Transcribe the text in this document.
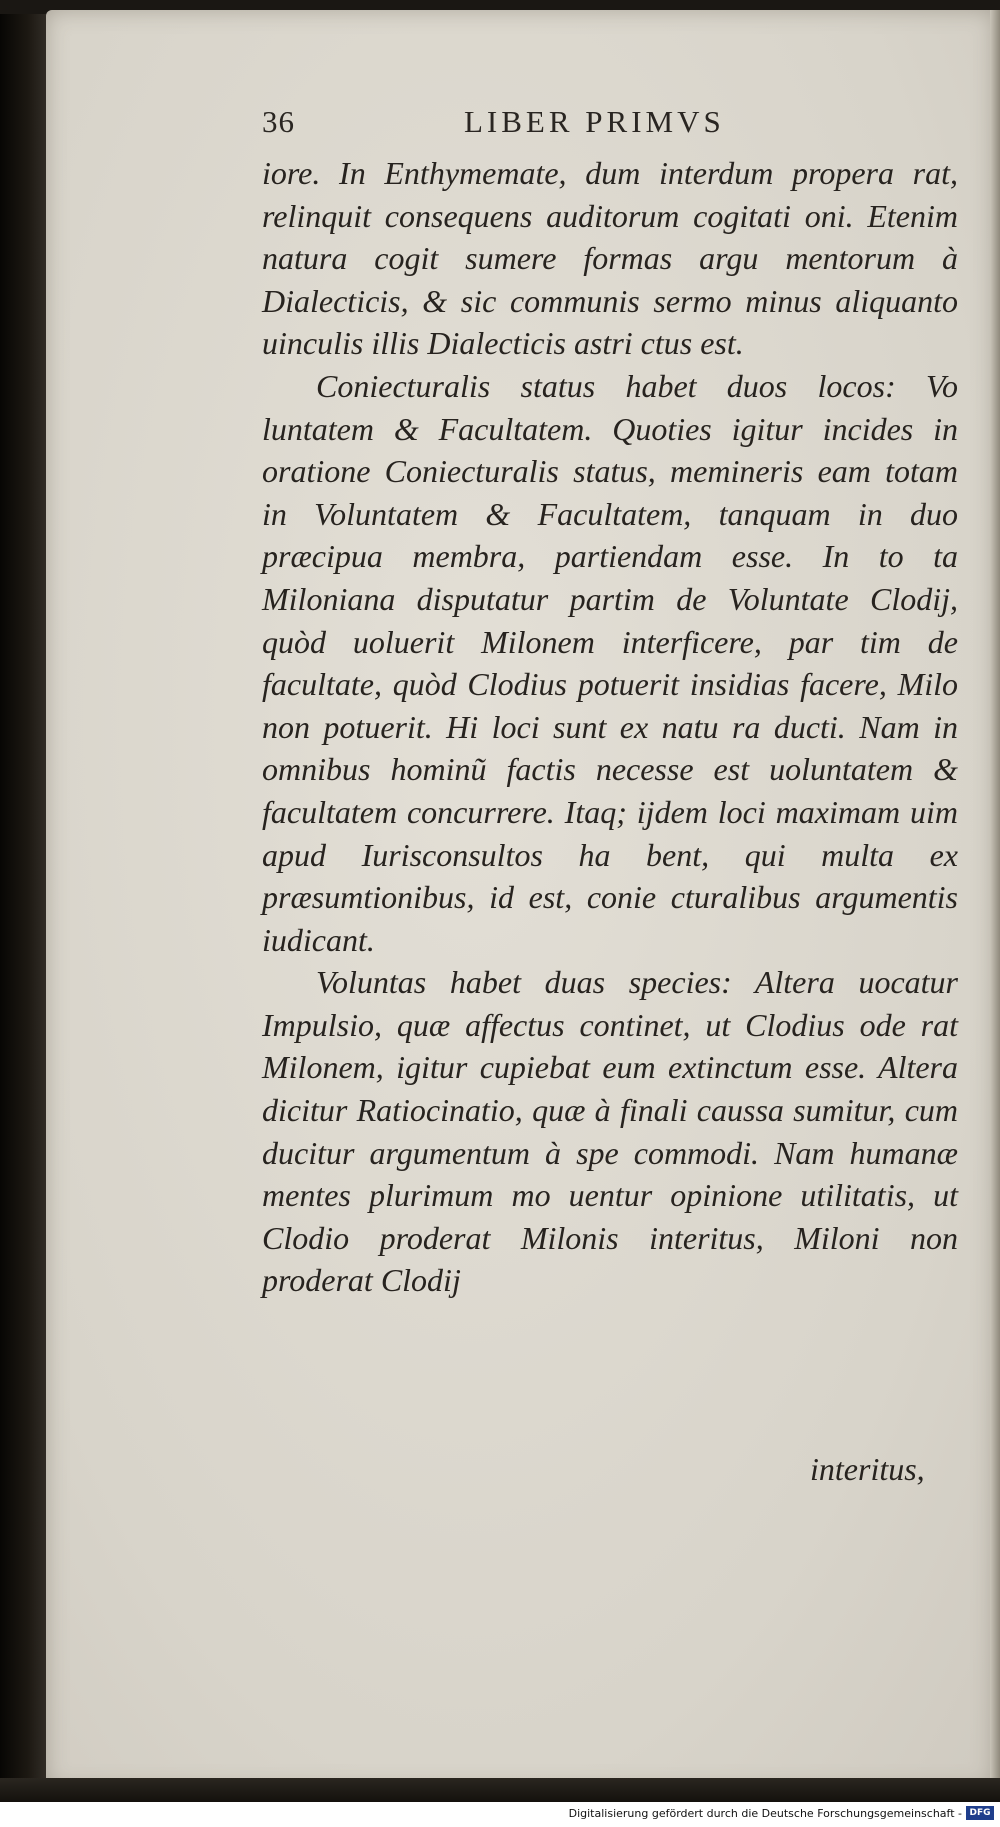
36	LIBER PRIMVS

iore. In Enthymemate, dum interdum propera rat, relinquit consequens auditorum cogitati oni. Etenim natura cogit sumere formas argu mentorum à Dialecticis, & sic communis sermo minus aliquanto uinculis illis Dialecticis astri ctus est.

Coniecturalis status habet duos locos: Vo luntatem & Facultatem. Quoties igitur incides in oratione Coniecturalis status, memineris eam totam in Voluntatem & Facultatem, tanquam in duo præcipua membra, partiendam esse. In to ta Miloniana disputatur partim de Voluntate Clodij, quòd uoluerit Milonem interficere, par tim de facultate, quòd Clodius potuerit insidias facere, Milo non potuerit. Hi loci sunt ex natu ra ducti. Nam in omnibus hominũ factis necesse est uoluntatem & facultatem concurrere. Itaq; ijdem loci maximam uim apud Iurisconsultos ha bent, qui multa ex præsumtionibus, id est, conie cturalibus argumentis iudicant.

Voluntas habet duas species: Altera uocatur Impulsio, quæ affectus continet, ut Clodius ode rat Milonem, igitur cupiebat eum extinctum esse. Altera dicitur Ratiocinatio, quæ à finali caussa sumitur, cum ducitur argumentum à spe commodi. Nam humanæ mentes plurimum mo uentur opinione utilitatis, ut Clodio proderat Milonis interitus, Miloni non proderat Clodij

interitus,
Digitalisierung gefördert durch die Deutsche Forschungsgemeinschaft - DFG
